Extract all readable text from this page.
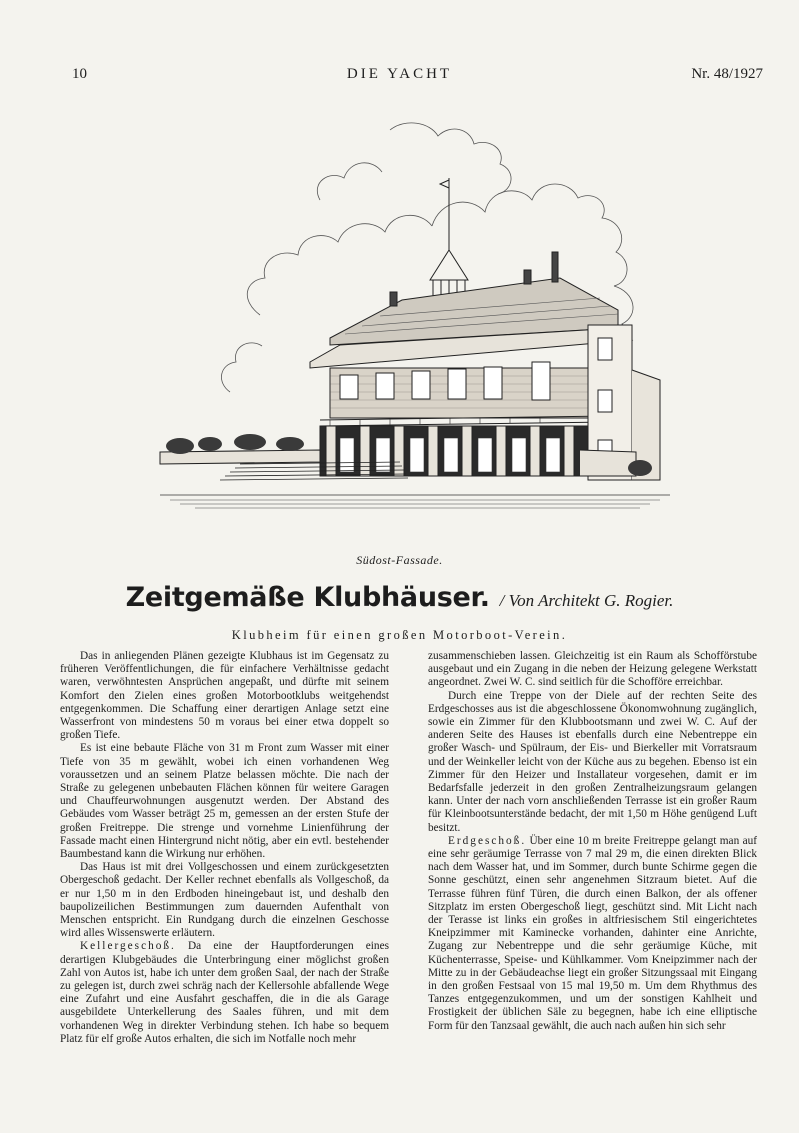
10	DIE YACHT	Nr. 48/1927
Südost-Fassade.
Zeitgemäße Klubhäuser. / Von Architekt G. Rogier.
Klubheim für einen großen Motorboot-Verein.

Das in anliegenden Plänen gezeigte Klubhaus ist im Gegensatz zu früheren Veröffentlichungen, die für einfachere Verhältnisse gedacht waren, verwöhntesten Ansprüchen angepaßt, und dürfte mit seinem Komfort den Zielen eines großen Motorbootklubs weitgehendst entgegenkommen. Die Schaffung einer derartigen Anlage setzt eine Wasserfront von mindestens 50 m voraus bei einer etwa doppelt so großen Tiefe.

Es ist eine bebaute Fläche von 31 m Front zum Wasser mit einer Tiefe von 35 m gewählt, wobei ich einen vorhandenen Weg voraussetzen und an seinem Platze belassen möchte. Die nach der Straße zu gelegenen unbebauten Flächen können für weitere Garagen und Chauffeurwohnungen ausgenutzt werden. Der Abstand des Gebäudes vom Wasser beträgt 25 m, gemessen an der ersten Stufe der großen Freitreppe. Die strenge und vornehme Linienführung der Fassade macht einen Hintergrund nicht nötig, aber ein evtl. bestehender Baumbestand kann die Wirkung nur erhöhen.

Das Haus ist mit drei Vollgeschossen und einem zurückgesetzten Obergeschoß gedacht. Der Keller rechnet ebenfalls als Vollgeschoß, da er nur 1,50 m in den Erdboden hineingebaut ist, und deshalb den baupolizeilichen Bestimmungen zum dauernden Aufenthalt von Menschen entspricht. Ein Rundgang durch die einzelnen Geschosse wird alles Wissenswerte erläutern.

Kellergeschoß. Da eine der Hauptforderungen eines derartigen Klubgebäudes die Unterbringung einer möglichst großen Zahl von Autos ist, habe ich unter dem großen Saal, der nach der Straße zu gelegen ist, durch zwei schräg nach der Kellersohle abfallende Wege eine Zufahrt und eine Ausfahrt geschaffen, die in die als Garage ausgebildete Unterkellerung des Saales führen, und mit dem vorhandenen Weg in direkter Verbindung stehen. Ich habe so bequem Platz für elf große Autos erhalten, die sich im Notfalle noch mehr

zusammenschieben lassen. Gleichzeitig ist ein Raum als Schofförstube ausgebaut und ein Zugang in die neben der Heizung gelegene Werkstatt angeordnet. Zwei W. C. sind seitlich für die Schofföre erreichbar.

Durch eine Treppe von der Diele auf der rechten Seite des Erdgeschosses aus ist die abgeschlossene Ökonomwohnung zugänglich, sowie ein Zimmer für den Klubbootsmann und zwei W. C. Auf der anderen Seite des Hauses ist ebenfalls durch eine Nebentreppe ein großer Wasch- und Spülraum, der Eis- und Bierkeller mit Vorratsraum und der Weinkeller leicht von der Küche aus zu begehen. Ebenso ist ein Zimmer für den Heizer und Installateur vorgesehen, damit er im Bedarfsfalle jederzeit in den großen Zentralheizungsraum gelangen kann. Unter der nach vorn anschließenden Terrasse ist ein großer Raum für Kleinbootsunterstände bedacht, der mit 1,50 m Höhe genügend Luft besitzt.

Erdgeschoß. Über eine 10 m breite Freitreppe gelangt man auf eine sehr geräumige Terrasse von 7 mal 29 m, die einen direkten Blick nach dem Wasser hat, und im Sommer, durch bunte Schirme gegen die Sonne geschützt, einen sehr angenehmen Sitzraum bietet. Auf die Terrasse führen fünf Türen, die durch einen Balkon, der als offener Sitzplatz im ersten Obergeschoß liegt, geschützt sind. Mit Licht nach der Terasse ist links ein großes in altfriesischem Stil eingerichtetes Kneipzimmer mit Kaminecke vorhanden, dahinter eine Anrichte, Zugang zur Nebentreppe und die sehr geräumige Küche, mit Küchenterrasse, Speise- und Kühlkammer. Vom Kneipzimmer nach der Mitte zu in der Gebäudeachse liegt ein großer Sitzungssaal mit Eingang in den großen Festsaal von 15 mal 19,50 m. Um dem Rhythmus des Tanzes entgegenzukommen, und um der sonstigen Kahlheit und Frostigkeit der üblichen Säle zu begegnen, habe ich eine elliptische Form für den Tanzsaal gewählt, die auch nach außen hin sich sehr
